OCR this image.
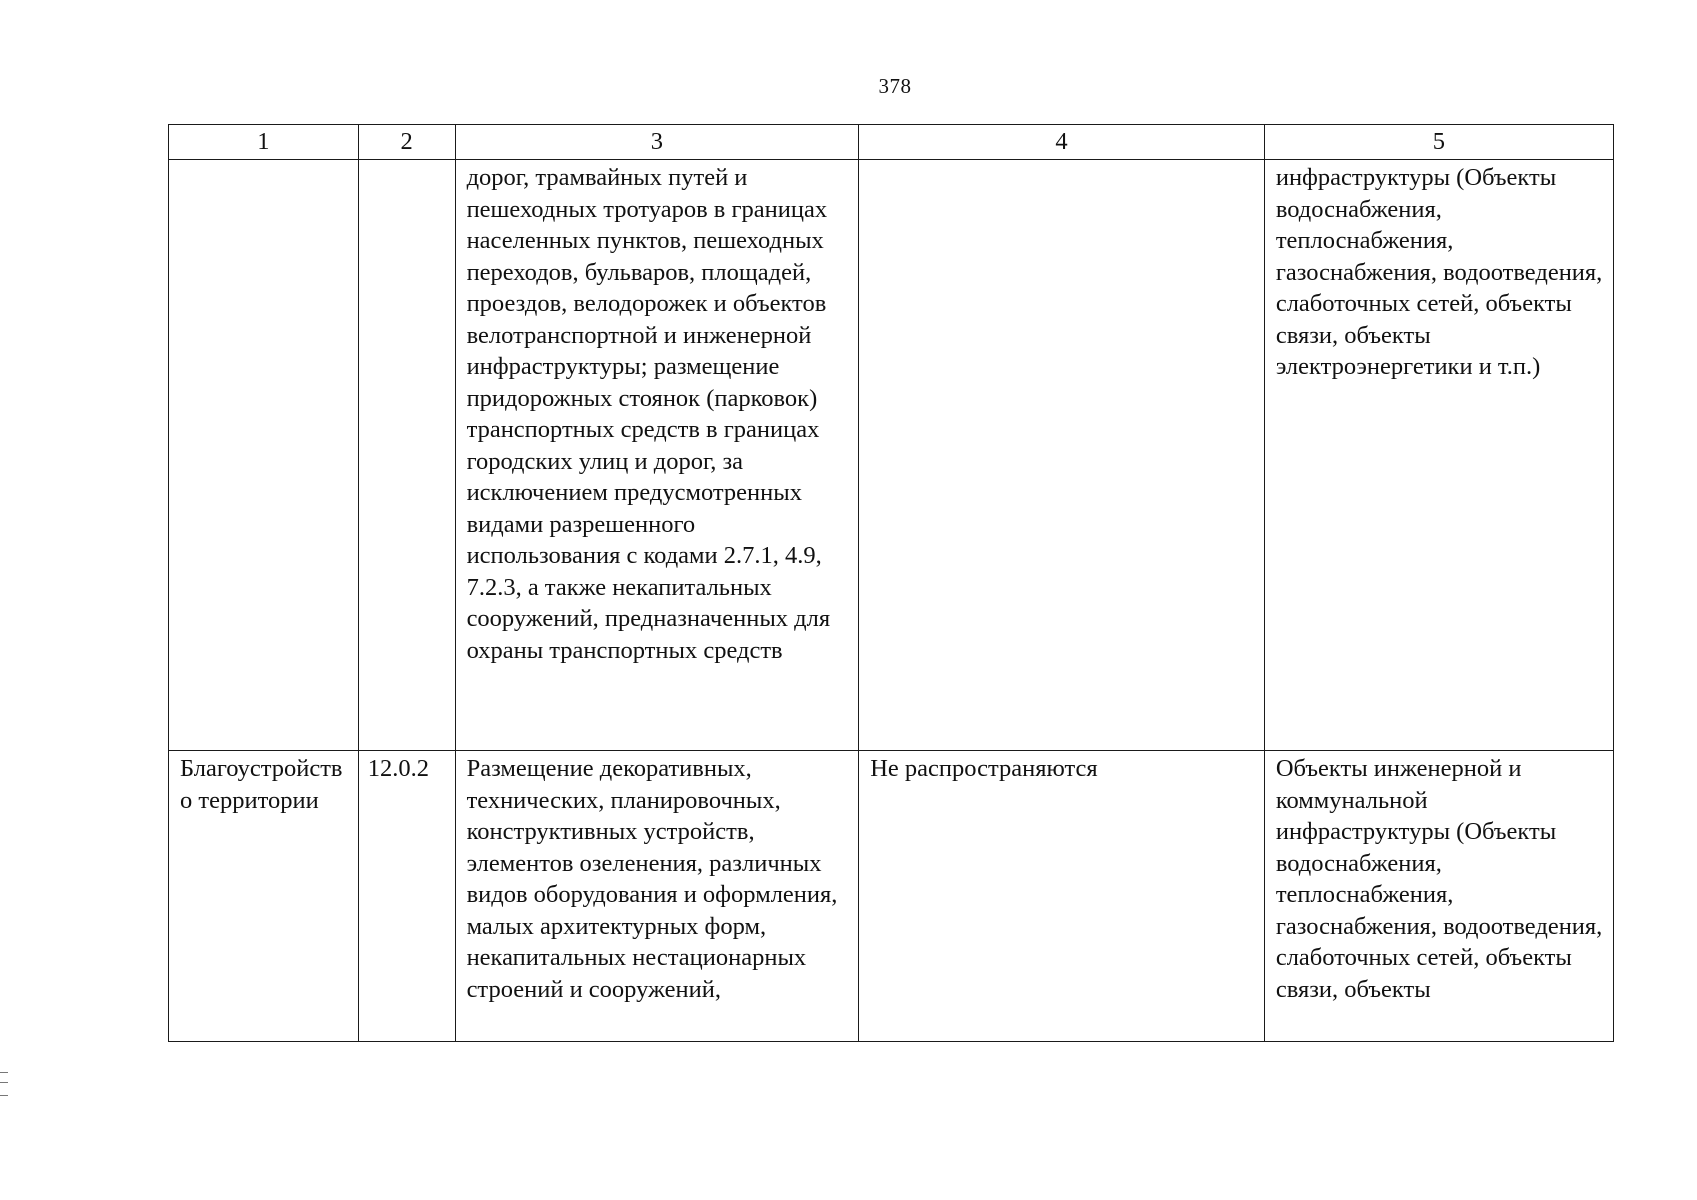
378
1	2	3	4	5
		дорог, трамвайных путей и пешеходных тротуаров в границах населенных пунктов, пешеходных переходов, бульваров, площадей, проездов, велодорожек и объектов велотранспортной и инженерной инфраструктуры; размещение придорожных стоянок (парковок) транспортных средств в границах городских улиц и дорог, за исключением предусмотренных видами разрешенного использования с кодами 2.7.1, 4.9, 7.2.3, а также некапитальных сооружений, предназначенных для охраны транспортных средств		инфраструктуры (Объекты водоснабжения, теплоснабжения, газоснабжения, водоотведения, слаботочных сетей, объекты связи, объекты электроэнергетики и т.п.)
Благоустройство территории	12.0.2	Размещение декоративных, технических, планировочных, конструктивных устройств, элементов озеленения, различных видов оборудования и оформления, малых архитектурных форм, некапитальных нестационарных строений и сооружений,	Не распространяются	Объекты инженерной и коммунальной инфраструктуры (Объекты водоснабжения, теплоснабжения, газоснабжения, водоотведения, слаботочных сетей, объекты связи, объекты
